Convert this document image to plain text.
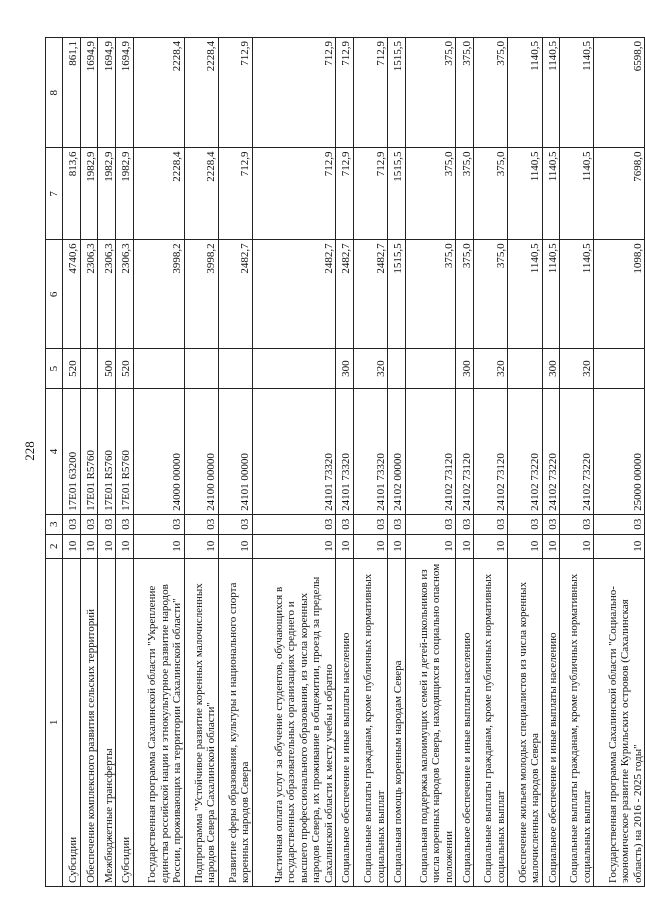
228
1	2	3	4	5	6	7	8
Субсидии	10	03	17Е01 63200	520	4740,6	813,6	861,1
Обеспечение комплексного развития сельских территорий	10	03	17Е01 R5760		2306,3	1982,9	1694,9
Межбюджетные трансферты	10	03	17Е01 R5760	500	2306,3	1982,9	1694,9
Субсидии	10	03	17Е01 R5760	520	2306,3	1982,9	1694,9
Государственная программа Сахалинской области "Укрепление единства российской нации и этнокультурное развитие народов России, проживающих на территории Сахалинской области"	10	03	24000 00000		3998,2	2228,4	2228,4
Подпрограмма "Устойчивое развитие коренных малочисленных народов Севера Сахалинской области"	10	03	24100 00000		3998,2	2228,4	2228,4
Развитие сферы образования, культуры и национального спорта коренных народов Севера	10	03	24101 00000		2482,7	712,9	712,9
Частичная оплата услуг за обучение студентов, обучающихся в государственных образовательных организациях среднего и высшего профессионального образования, из числа коренных народов Севера, их проживание в общежитии, проезд за пределы Сахалинской области к месту учебы и обратно	10	03	24101 73320		2482,7	712,9	712,9
Социальное обеспечение и иные выплаты населению	10	03	24101 73320	300	2482,7	712,9	712,9
Социальные выплаты гражданам, кроме публичных нормативных социальных выплат	10	03	24101 73320	320	2482,7	712,9	712,9
Социальная помощь коренным народам Севера	10	03	24102 00000		1515,5	1515,5	1515,5
Социальная поддержка малоимущих семей и детей-школьников из числа коренных народов Севера, находящихся в социально опасном положении	10	03	24102 73120		375,0	375,0	375,0
Социальное обеспечение и иные выплаты населению	10	03	24102 73120	300	375,0	375,0	375,0
Социальные выплаты гражданам, кроме публичных нормативных социальных выплат	10	03	24102 73120	320	375,0	375,0	375,0
Обеспечение жильем молодых специалистов из числа коренных малочисленных народов Севера	10	03	24102 73220		1140,5	1140,5	1140,5
Социальное обеспечение и иные выплаты населению	10	03	24102 73220	300	1140,5	1140,5	1140,5
Социальные выплаты гражданам, кроме публичных нормативных социальных выплат	10	03	24102 73220	320	1140,5	1140,5	1140,5
Государственная программа Сахалинской области "Социально-экономическое развитие Курильских островов (Сахалинская область) на 2016 - 2025 годы"	10	03	25000 00000		1098,0	7698,0	6598,0
